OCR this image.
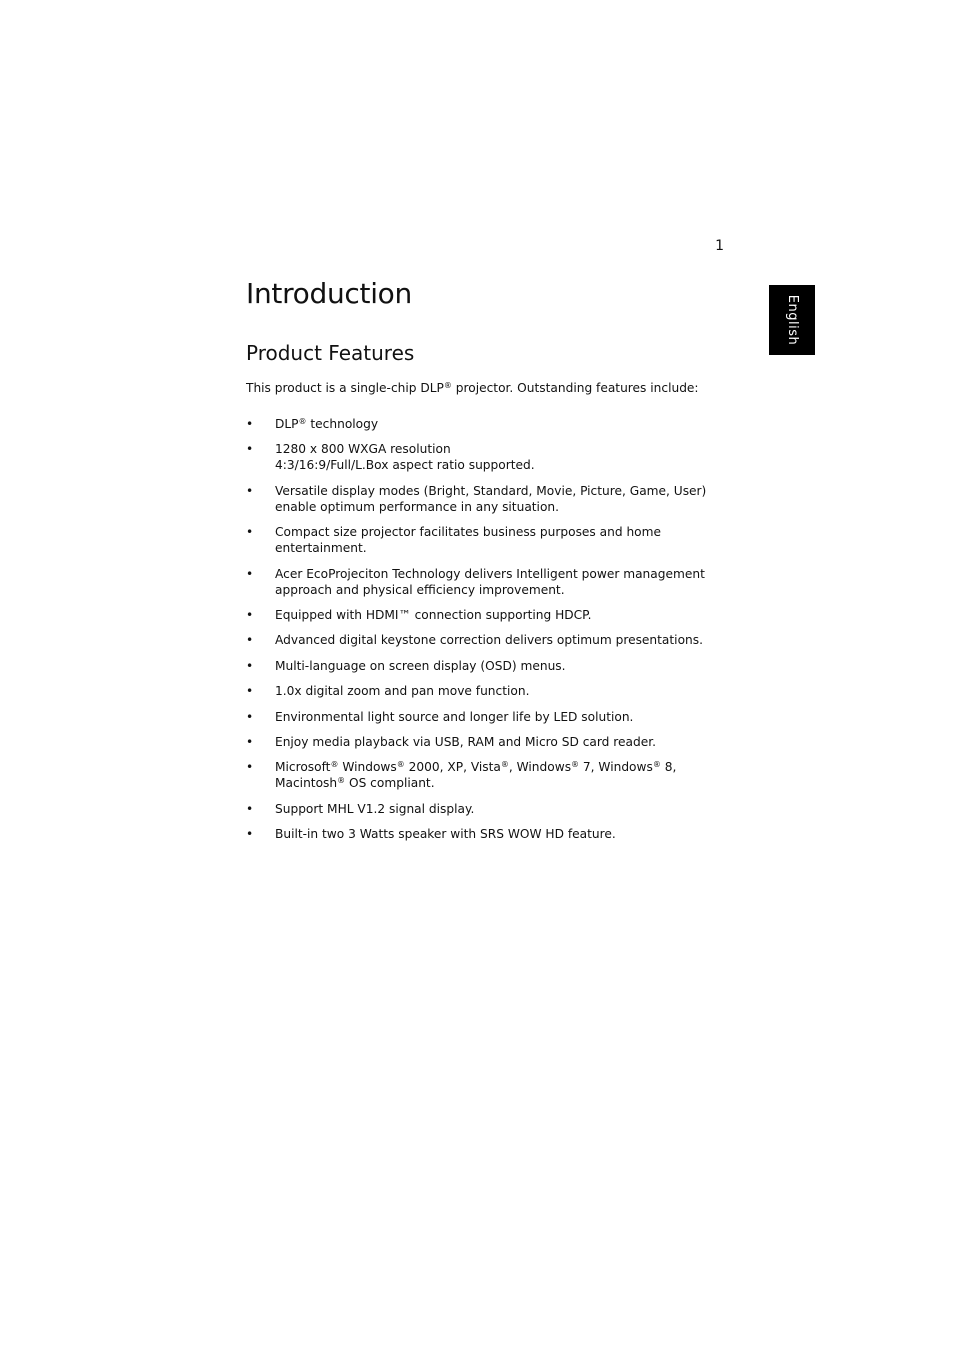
1
English
Introduction
Product Features

This product is a single-chip DLP® projector. Outstanding features include:

• DLP® technology
• 1280 x 800 WXGA resolution
4:3/16:9/Full/L.Box aspect ratio supported.
• Versatile display modes (Bright, Standard, Movie, Picture, Game, User)
enable optimum performance in any situation.
• Compact size projector facilitates business purposes and home
entertainment.
• Acer EcoProjeciton Technology delivers Intelligent power management
approach and physical efficiency improvement.
• Equipped with HDMI™ connection supporting HDCP.
• Advanced digital keystone correction delivers optimum presentations.
• Multi-language on screen display (OSD) menus.
• 1.0x digital zoom and pan move function.
• Environmental light source and longer life by LED solution.
• Enjoy media playback via USB, RAM and Micro SD card reader.
• Microsoft® Windows® 2000, XP, Vista®, Windows® 7, Windows® 8,
Macintosh® OS compliant.
• Support MHL V1.2 signal display.
• Built-in two 3 Watts speaker with SRS WOW HD feature.
